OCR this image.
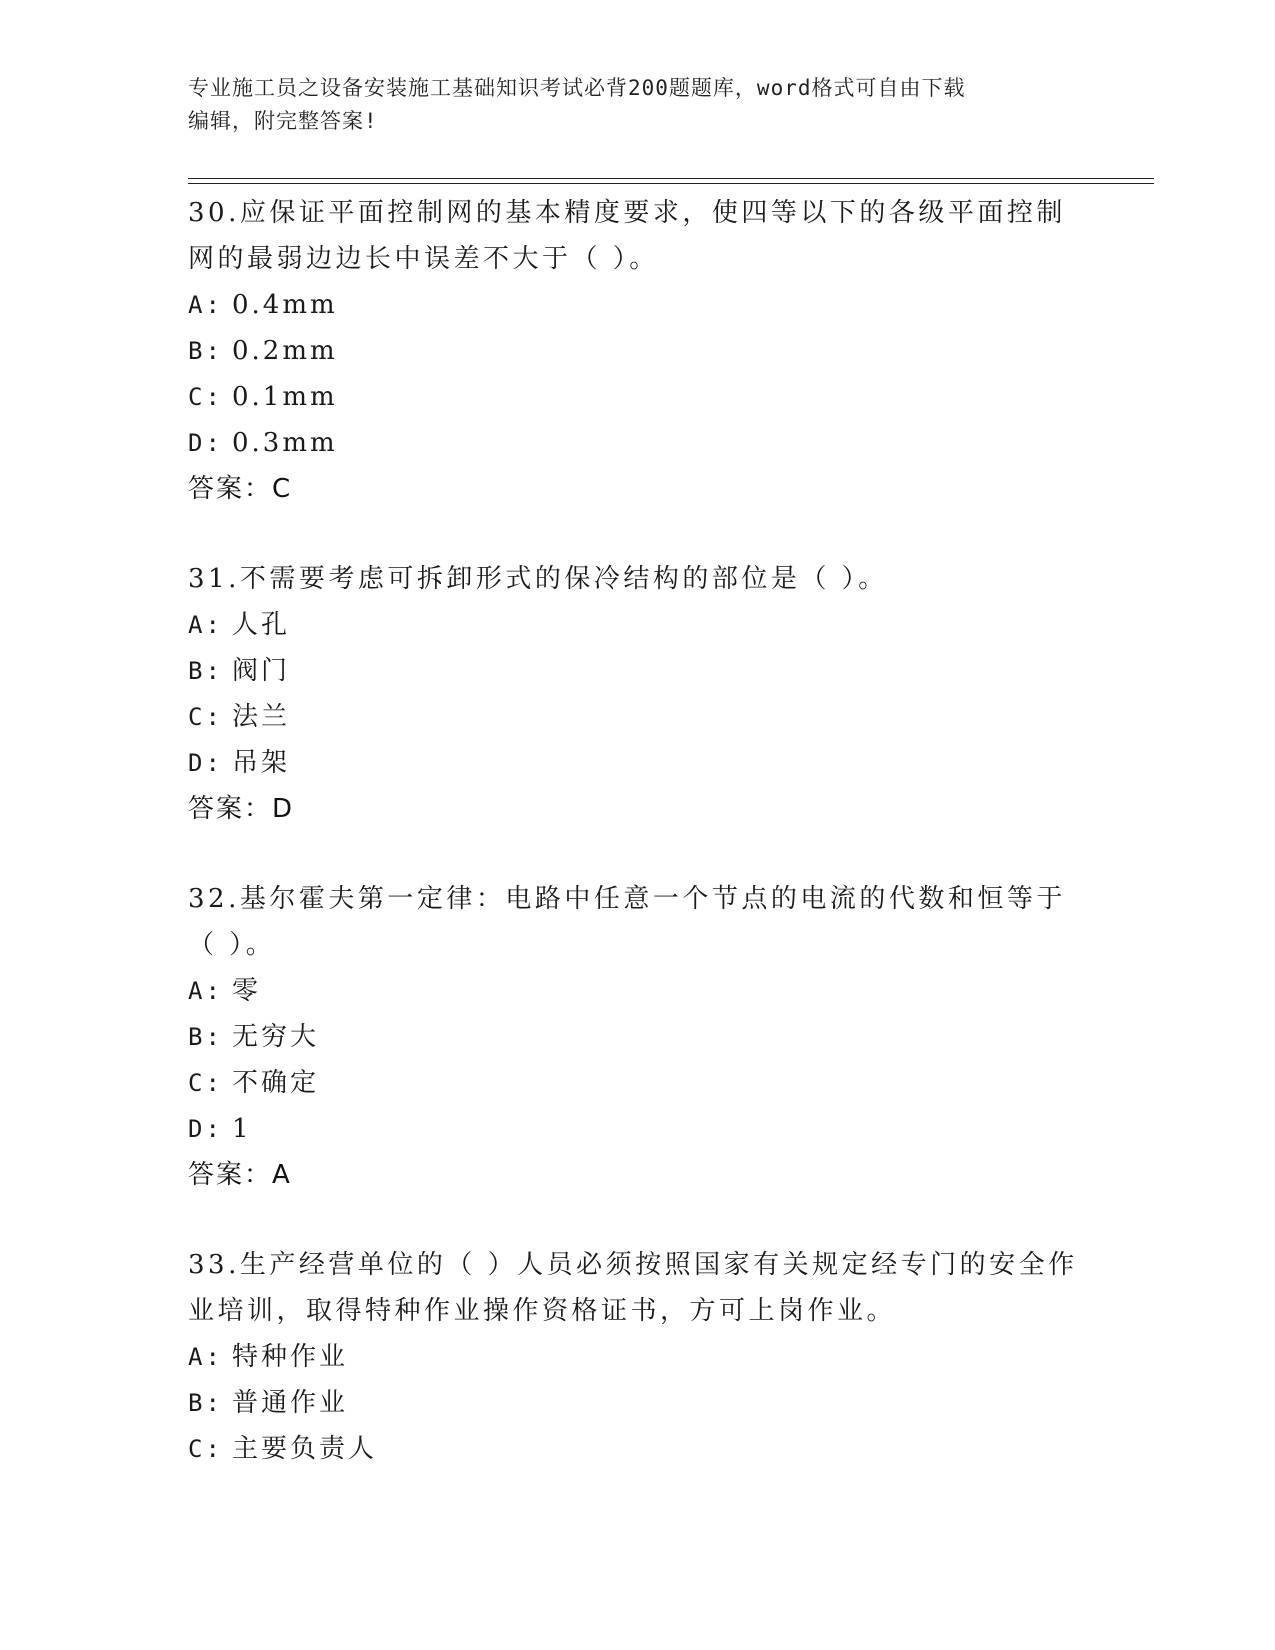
专业施工员之设备安装施工基础知识考试必背200题题库，word格式可自由下载
编辑，附完整答案!

30.应保证平面控制网的基本精度要求，使四等以下的各级平面控制网的最弱边边长中误差不大于（ ）。

A: 0.4mm
B: 0.2mm
C: 0.1mm
D: 0.3mm

答案：C

31.不需要考虑可拆卸形式的保冷结构的部位是（ ）。

A: 人孔
B: 阀门
C: 法兰
D: 吊架

答案：D

32.基尔霍夫第一定律：电路中任意一个节点的电流的代数和恒等于（ ）。

A: 零
B: 无穷大
C: 不确定
D: 1

答案：A

33.生产经营单位的（ ）人员必须按照国家有关规定经专门的安全作业培训，取得特种作业操作资格证书，方可上岗作业。

A: 特种作业
B: 普通作业
C: 主要负责人
